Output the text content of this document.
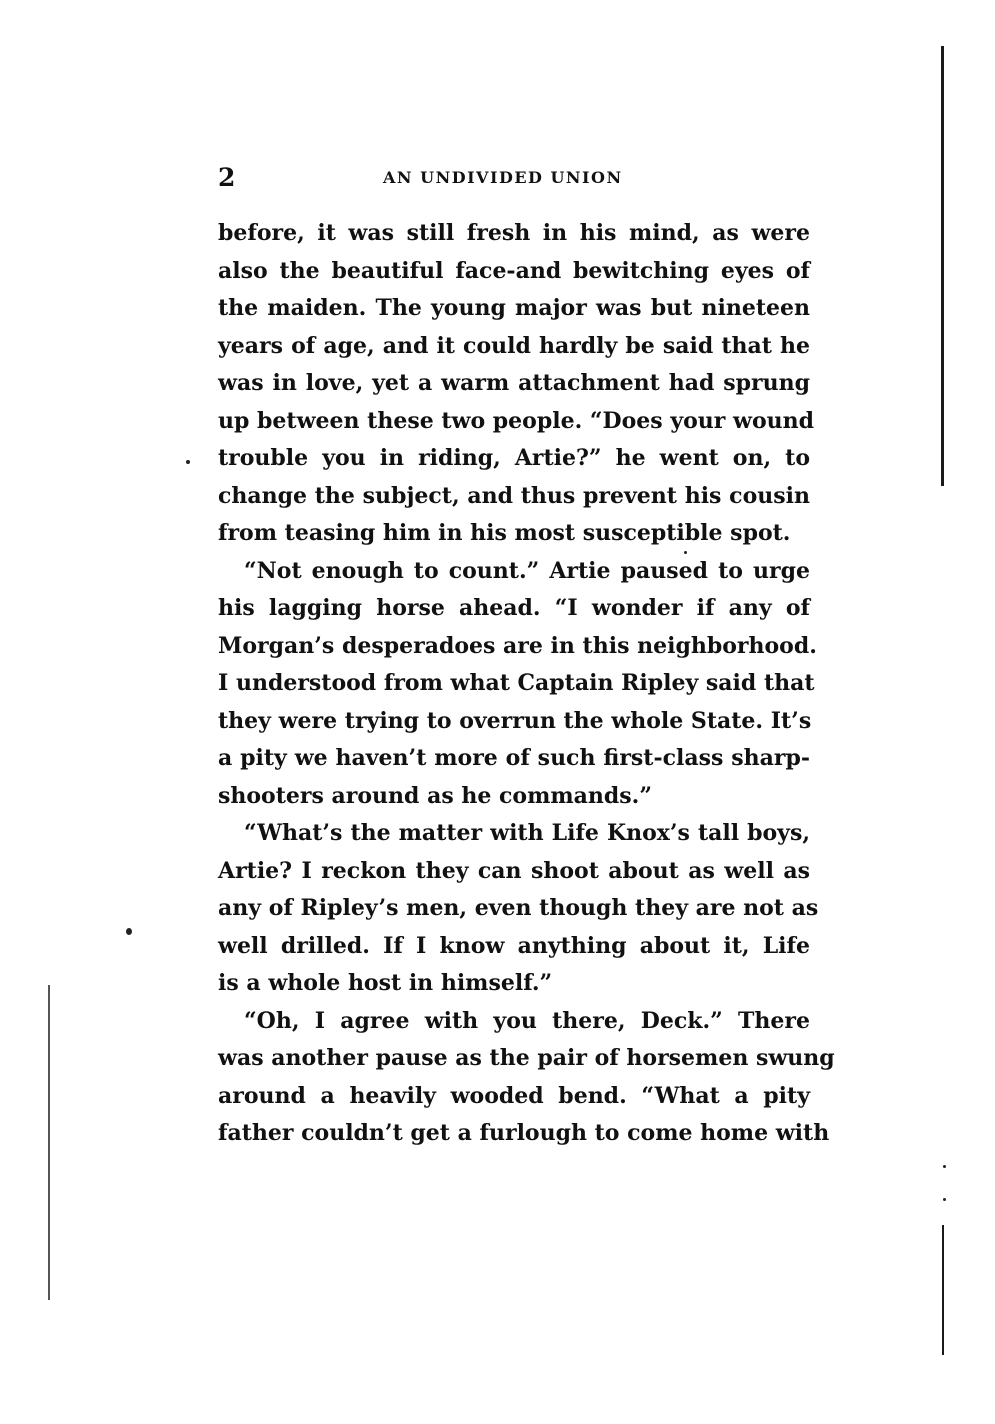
2	AN UNDIVIDED UNION
before, it was still fresh in his mind, as were
also the beautiful face-and bewitching eyes of
the maiden. The young major was but nineteen
years of age, and it could hardly be said that he
was in love, yet a warm attachment had sprung
up between these two people. “Does your wound
trouble you in riding, Artie?” he went on, to
change the subject, and thus prevent his cousin
from teasing him in his most susceptible spot.
“Not enough to count.” Artie paused to urge
his lagging horse ahead. “I wonder if any of
Morgan’s desperadoes are in this neighborhood.
I understood from what Captain Ripley said that
they were trying to overrun the whole State. It’s
a pity we haven’t more of such first-class sharp-
shooters around as he commands.”
“What’s the matter with Life Knox’s tall boys,
Artie? I reckon they can shoot about as well as
any of Ripley’s men, even though they are not as
well drilled. If I know anything about it, Life
is a whole host in himself.”
“Oh, I agree with you there, Deck.” There
was another pause as the pair of horsemen swung
around a heavily wooded bend. “What a pity
father couldn’t get a furlough to come home with
